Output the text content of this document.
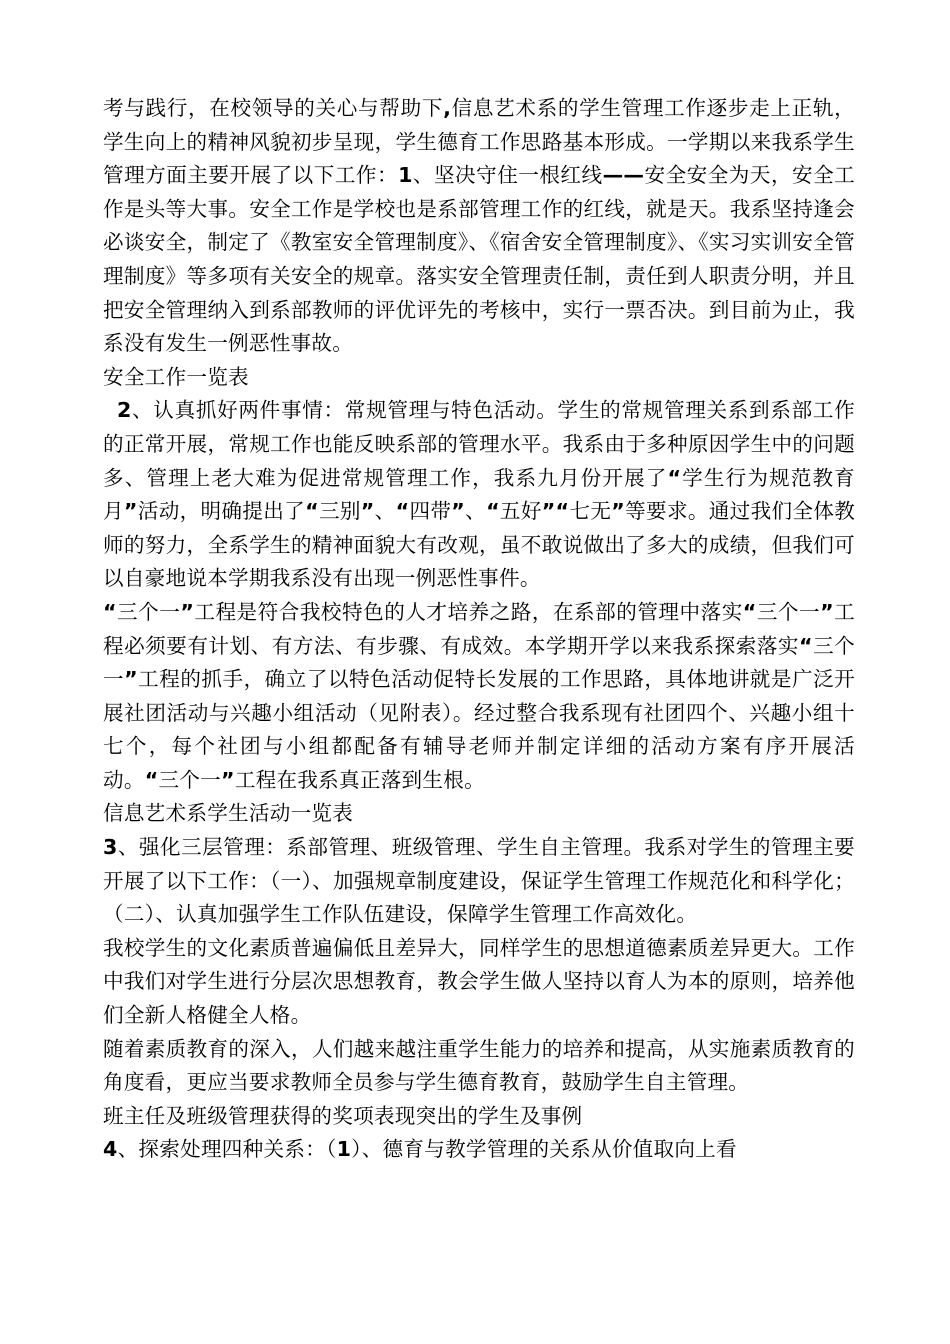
考与践行，在校领导的关心与帮助下,信息艺术系的学生管理工作逐步走上正轨，学生向上的精神风貌初步呈现，学生德育工作思路基本形成。一学期以来我系学生管理方面主要开展了以下工作：1、坚决守住一根红线——安全安全为天，安全工作是头等大事。安全工作是学校也是系部管理工作的红线，就是天。我系坚持逢会必谈安全，制定了《教室安全管理制度》、《宿舍安全管理制度》、《实习实训安全管理制度》等多项有关安全的规章。落实安全管理责任制，责任到人职责分明，并且把安全管理纳入到系部教师的评优评先的考核中，实行一票否决。到目前为止，我系没有发生一例恶性事故。

安全工作一览表

2、认真抓好两件事情：常规管理与特色活动。学生的常规管理关系到系部工作的正常开展，常规工作也能反映系部的管理水平。我系由于多种原因学生中的问题多、管理上老大难为促进常规管理工作，我系九月份开展了“学生行为规范教育月”活动，明确提出了“三别”、“四带”、“五好”“七无”等要求。通过我们全体教师的努力，全系学生的精神面貌大有改观，虽不敢说做出了多大的成绩，但我们可以自豪地说本学期我系没有出现一例恶性事件。

“三个一”工程是符合我校特色的人才培养之路，在系部的管理中落实“三个一”工程必须要有计划、有方法、有步骤、有成效。本学期开学以来我系探索落实“三个一”工程的抓手，确立了以特色活动促特长发展的工作思路，具体地讲就是广泛开展社团活动与兴趣小组活动（见附表）。经过整合我系现有社团四个、兴趣小组十七个，每个社团与小组都配备有辅导老师并制定详细的活动方案有序开展活动。“三个一”工程在我系真正落到生根。

信息艺术系学生活动一览表

3、强化三层管理：系部管理、班级管理、学生自主管理。我系对学生的管理主要开展了以下工作：（一）、加强规章制度建设，保证学生管理工作规范化和科学化；（二）、认真加强学生工作队伍建设，保障学生管理工作高效化。

我校学生的文化素质普遍偏低且差异大，同样学生的思想道德素质差异更大。工作中我们对学生进行分层次思想教育，教会学生做人坚持以育人为本的原则，培养他们全新人格健全人格。

随着素质教育的深入，人们越来越注重学生能力的培养和提高，从实施素质教育的角度看，更应当要求教师全员参与学生德育教育，鼓励学生自主管理。

班主任及班级管理获得的奖项表现突出的学生及事例

4、探索处理四种关系：（1）、德育与教学管理的关系从价值取向上看
